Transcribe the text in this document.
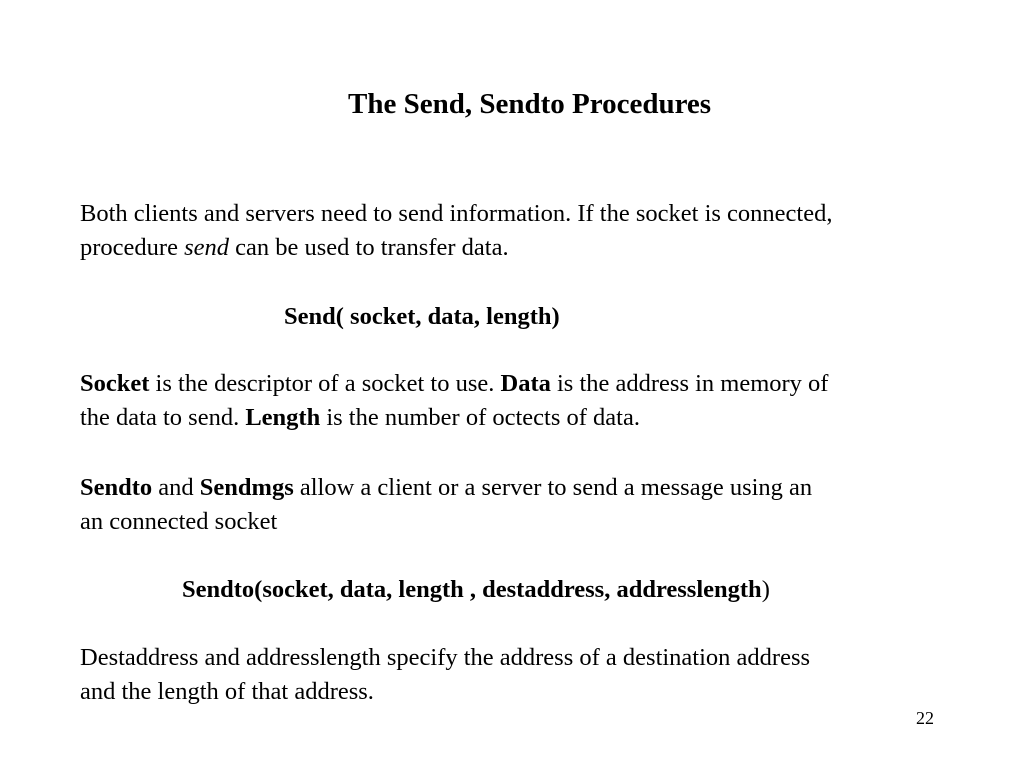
The Send, Sendto Procedures
Both clients and servers need to send information. If the socket is connected,
procedure send can be used to transfer data.
Send( socket, data, length)
Socket is the descriptor of a socket to use. Data is the address in memory of
the data to send. Length is the number of octects of data.
Sendto and Sendmgs allow a client or a server to send a message using an
an connected socket
Sendto(socket, data, length , destaddress, addresslength)
Destaddress and addresslength specify the address of a destination address
and the length of that address.
22
